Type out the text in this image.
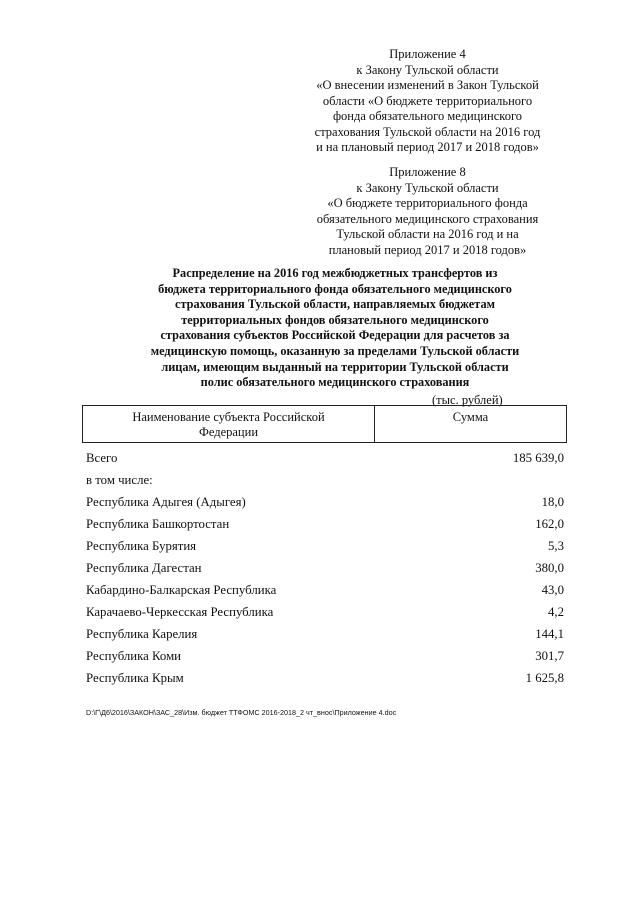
Приложение 4
к Закону Тульской области
«О внесении изменений в Закон Тульской
области «О бюджете территориального
фонда обязательного медицинского
страхования Тульской области на 2016 год
и на плановый период 2017 и 2018 годов»
Приложение 8
к Закону Тульской области
«О бюджете территориального фонда
обязательного медицинского страхования
Тульской области на 2016 год и на
плановый период 2017 и 2018 годов»
Распределение на 2016 год межбюджетных трансфертов из
бюджета территориального фонда обязательного медицинского
страхования Тульской области, направляемых бюджетам
территориальных фондов обязательного медицинского
страхования субъектов Российской Федерации для расчетов за
медицинскую помощь, оказанную за пределами Тульской области
лицам, имеющим выданный на территории Тульской области
полис обязательного медицинского страхования
(тыс. рублей)
Наименование субъекта Российской
Федерации
Сумма
Всего	185 639,0
в том числе:
Республика Адыгея (Адыгея)	18,0
Республика Башкортостан	162,0
Республика Бурятия	5,3
Республика Дагестан	380,0
Кабардино-Балкарская Республика	43,0
Карачаево-Черкесская Республика	4,2
Республика Карелия	144,1
Республика Коми	301,7
Республика Крым	1 625,8
D:\Г\Д6\2016\ЗАКОН\ЗАС_28\Изм. бюджет ТТФОМС 2016-2018_2 чт_внос\Приложение 4.doc
